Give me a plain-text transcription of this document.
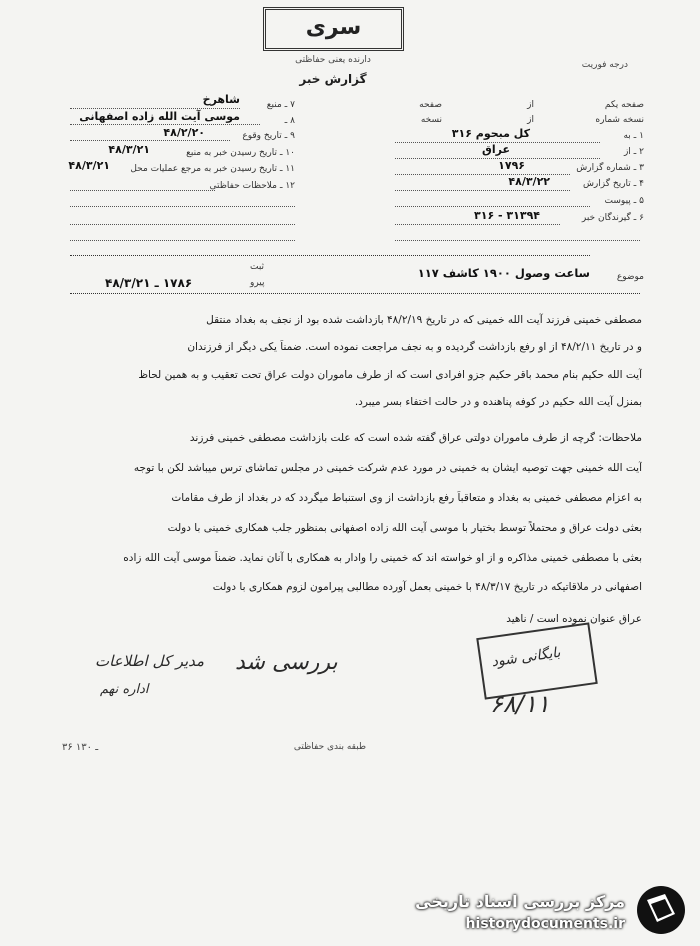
سری
دارنده یعنی حفاظتی
گزارش خبر
درجه فوریت
صفحه یکم
از
صفحه
نسخه شماره
از
نسخه
۱ ـ به
کل مبحوم ۳۱۶
۲ ـ از
عراق
۳ ـ شماره گزارش
۱۷۹۶
۴ ـ تاریخ گزارش
۴۸/۳/۲۲
۵ ـ پیوست
۶ ـ گیرندگان خبر
۳۱۳۹۴ - ۳۱۶
۷ ـ منبع
شاهرخ
۸ ـ
موسی آیت الله زاده اصفهانی
۹ ـ تاریخ وقوع
۴۸/۲/۲۰
۱۰ ـ تاریخ رسیدن خبر به منبع
۴۸/۳/۲۱
۱۱ ـ تاریخ رسیدن خبر به مرجع عملیات محل
۴۸/۳/۲۱
۱۲ ـ ملاحظات حفاظتی
موضوع
ساعت وصول ۱۹۰۰ کاشف ۱۱۷
ثبت
پیرو
۱۷۸۶ ـ ۴۸/۳/۲۱
مصطفی خمینی فرزند آیت الله خمینی که در تاریخ ۴۸/۲/۱۹ بازداشت شده بود از نجف به بغداد منتقل
و در تاریخ ۴۸/۲/۱۱ از او رفع بازداشت گردیده و به نجف مراجعت نموده است. ضمناً یکی دیگر از فرزندان
آیت الله حکیم بنام محمد باقر حکیم جزو افرادی است که از طرف ماموران دولت عراق تحت تعقیب و به همین لحاظ
بمنزل آیت الله حکیم در کوفه پناهنده و در حالت اختفاء بسر میبرد.
ملاحظات: گرچه از طرف ماموران دولتی عراق گفته شده است که علت بازداشت مصطفی خمینی فرزند
آیت الله خمینی جهت توصیه ایشان به خمینی در مورد عدم شرکت خمینی در مجلس تماشای ترس میباشد لکن با توجه
به اعزام مصطفی خمینی به بغداد و متعاقباً رفع بازداشت از وی استنباط میگردد که در بغداد از طرف مقامات
بعثی دولت عراق و محتملاً توسط بختیار با موسی آیت الله زاده اصفهانی بمنظور جلب همکاری خمینی با دولت
بعثی با مصطفی خمینی مذاکره و از او خواسته اند که خمینی را وادار به همکاری با آنان نماید. ضمناً موسی آیت الله زاده
اصفهانی در ملاقاتیکه در تاریخ ۴۸/۳/۱۷ با خمینی بعمل آورده مطالبی پیرامون لزوم همکاری با دولت
عراق عنوان نموده است / ناهید
مدیر کل اطلاعات
اداره نهم
بررسی شد	بایگانی شود
۶۸/۱۱
طبقه بندی حفاظتی
۳۶ ـ ۱۳۰
مرکز بررسی اسناد تاریخی
historydocuments.ir
